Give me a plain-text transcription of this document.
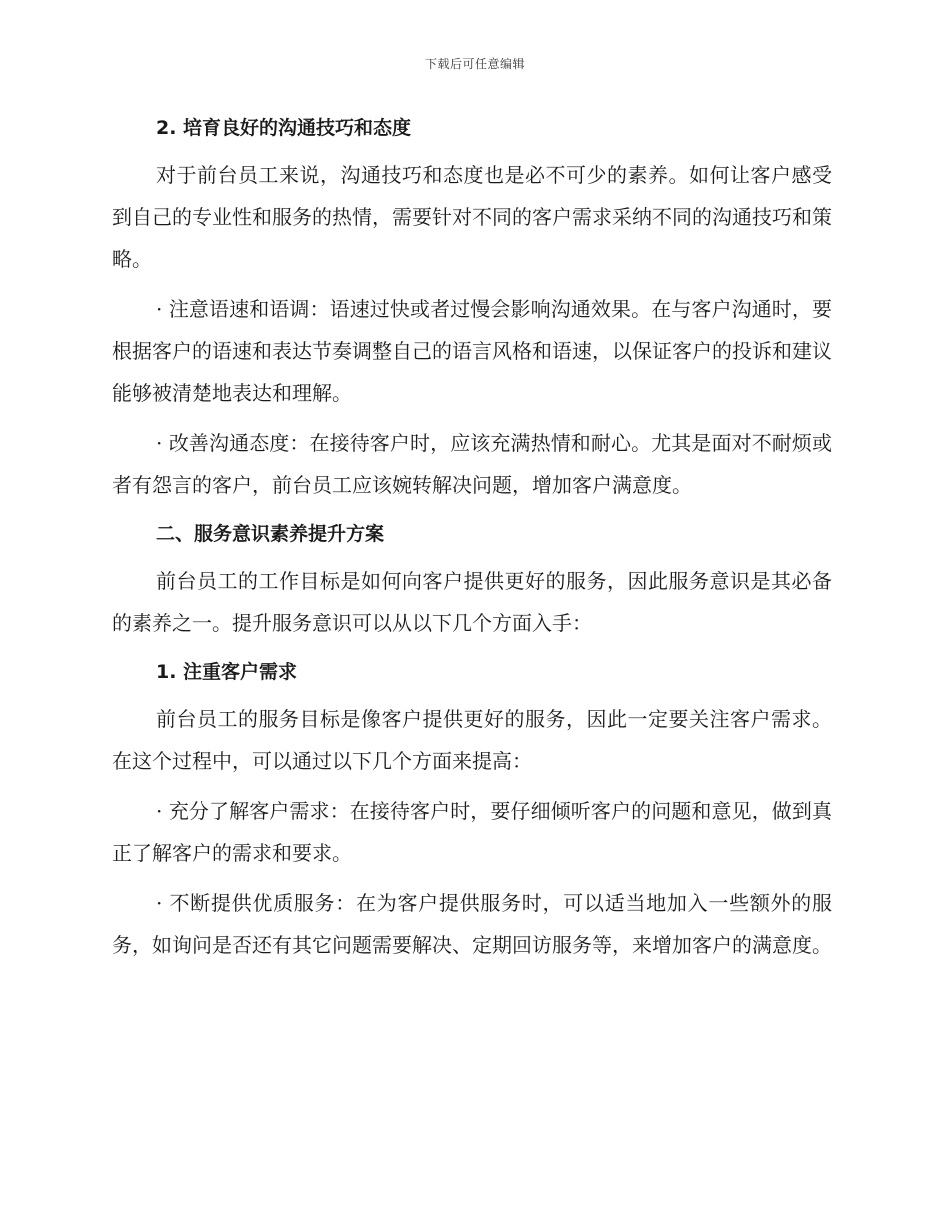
下载后可任意编辑
2. 培育良好的沟通技巧和态度

对于前台员工来说，沟通技巧和态度也是必不可少的素养。如何让客户感受到自己的专业性和服务的热情，需要针对不同的客户需求采纳不同的沟通技巧和策略。

· 注意语速和语调：语速过快或者过慢会影响沟通效果。在与客户沟通时，要根据客户的语速和表达节奏调整自己的语言风格和语速，以保证客户的投诉和建议能够被清楚地表达和理解。

· 改善沟通态度：在接待客户时，应该充满热情和耐心。尤其是面对不耐烦或者有怨言的客户，前台员工应该婉转解决问题，增加客户满意度。

二、服务意识素养提升方案

前台员工的工作目标是如何向客户提供更好的服务，因此服务意识是其必备的素养之一。提升服务意识可以从以下几个方面入手：

1. 注重客户需求

前台员工的服务目标是像客户提供更好的服务，因此一定要关注客户需求。在这个过程中，可以通过以下几个方面来提高：

· 充分了解客户需求：在接待客户时，要仔细倾听客户的问题和意见，做到真正了解客户的需求和要求。

· 不断提供优质服务：在为客户提供服务时，可以适当地加入一些额外的服务，如询问是否还有其它问题需要解决、定期回访服务等，来增加客户的满意度。
